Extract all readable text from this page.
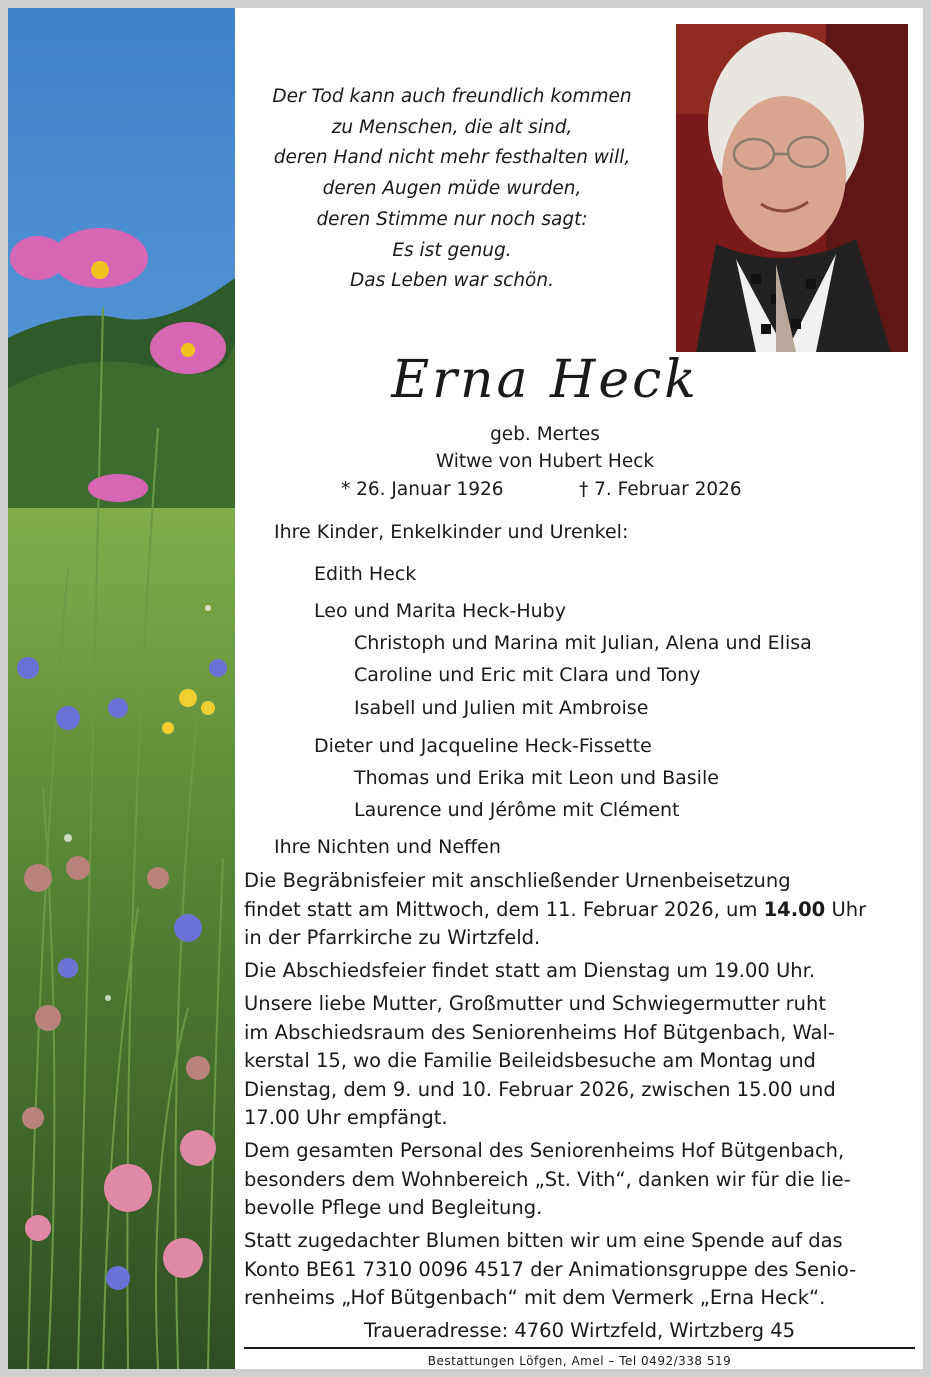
Der Tod kann auch freundlich kommen
zu Menschen, die alt sind,
deren Hand nicht mehr festhalten will,
deren Augen müde wurden,
deren Stimme nur noch sagt:
Es ist genug.
Das Leben war schön.
Erna Heck
geb. Mertes
Witwe von Hubert Heck
* 26. Januar 1926	† 7. Februar 2026
Ihre Kinder, Enkelkinder und Urenkel:
Edith Heck
Leo und Marita Heck-Huby
Christoph und Marina mit Julian, Alena und Elisa
Caroline und Eric mit Clara und Tony
Isabell und Julien mit Ambroise
Dieter und Jacqueline Heck-Fissette
Thomas und Erika mit Leon und Basile
Laurence und Jérôme mit Clément
Ihre Nichten und Neffen
Die Begräbnisfeier mit anschließender Urnenbeisetzung
findet statt am Mittwoch, dem 11. Februar 2026, um 14.00 Uhr
in der Pfarrkirche zu Wirtzfeld.
Die Abschiedsfeier findet statt am Dienstag um 19.00 Uhr.
Unsere liebe Mutter, Großmutter und Schwiegermutter ruht
im Abschiedsraum des Seniorenheims Hof Bütgenbach, Wal-
kerstal 15, wo die Familie Beileidsbesuche am Montag und
Dienstag, dem 9. und 10. Februar 2026, zwischen 15.00 und
17.00 Uhr empfängt.
Dem gesamten Personal des Seniorenheims Hof Bütgenbach,
besonders dem Wohnbereich „St. Vith“, danken wir für die lie-
bevolle Pflege und Begleitung.
Statt zugedachter Blumen bitten wir um eine Spende auf das
Konto BE61 7310 0096 4517 der Animationsgruppe des Senio-
renheims „Hof Bütgenbach“ mit dem Vermerk „Erna Heck“.
Traueradresse: 4760 Wirtzfeld, Wirtzberg 45
Bestattungen Löfgen, Amel – Tel 0492/338 519
